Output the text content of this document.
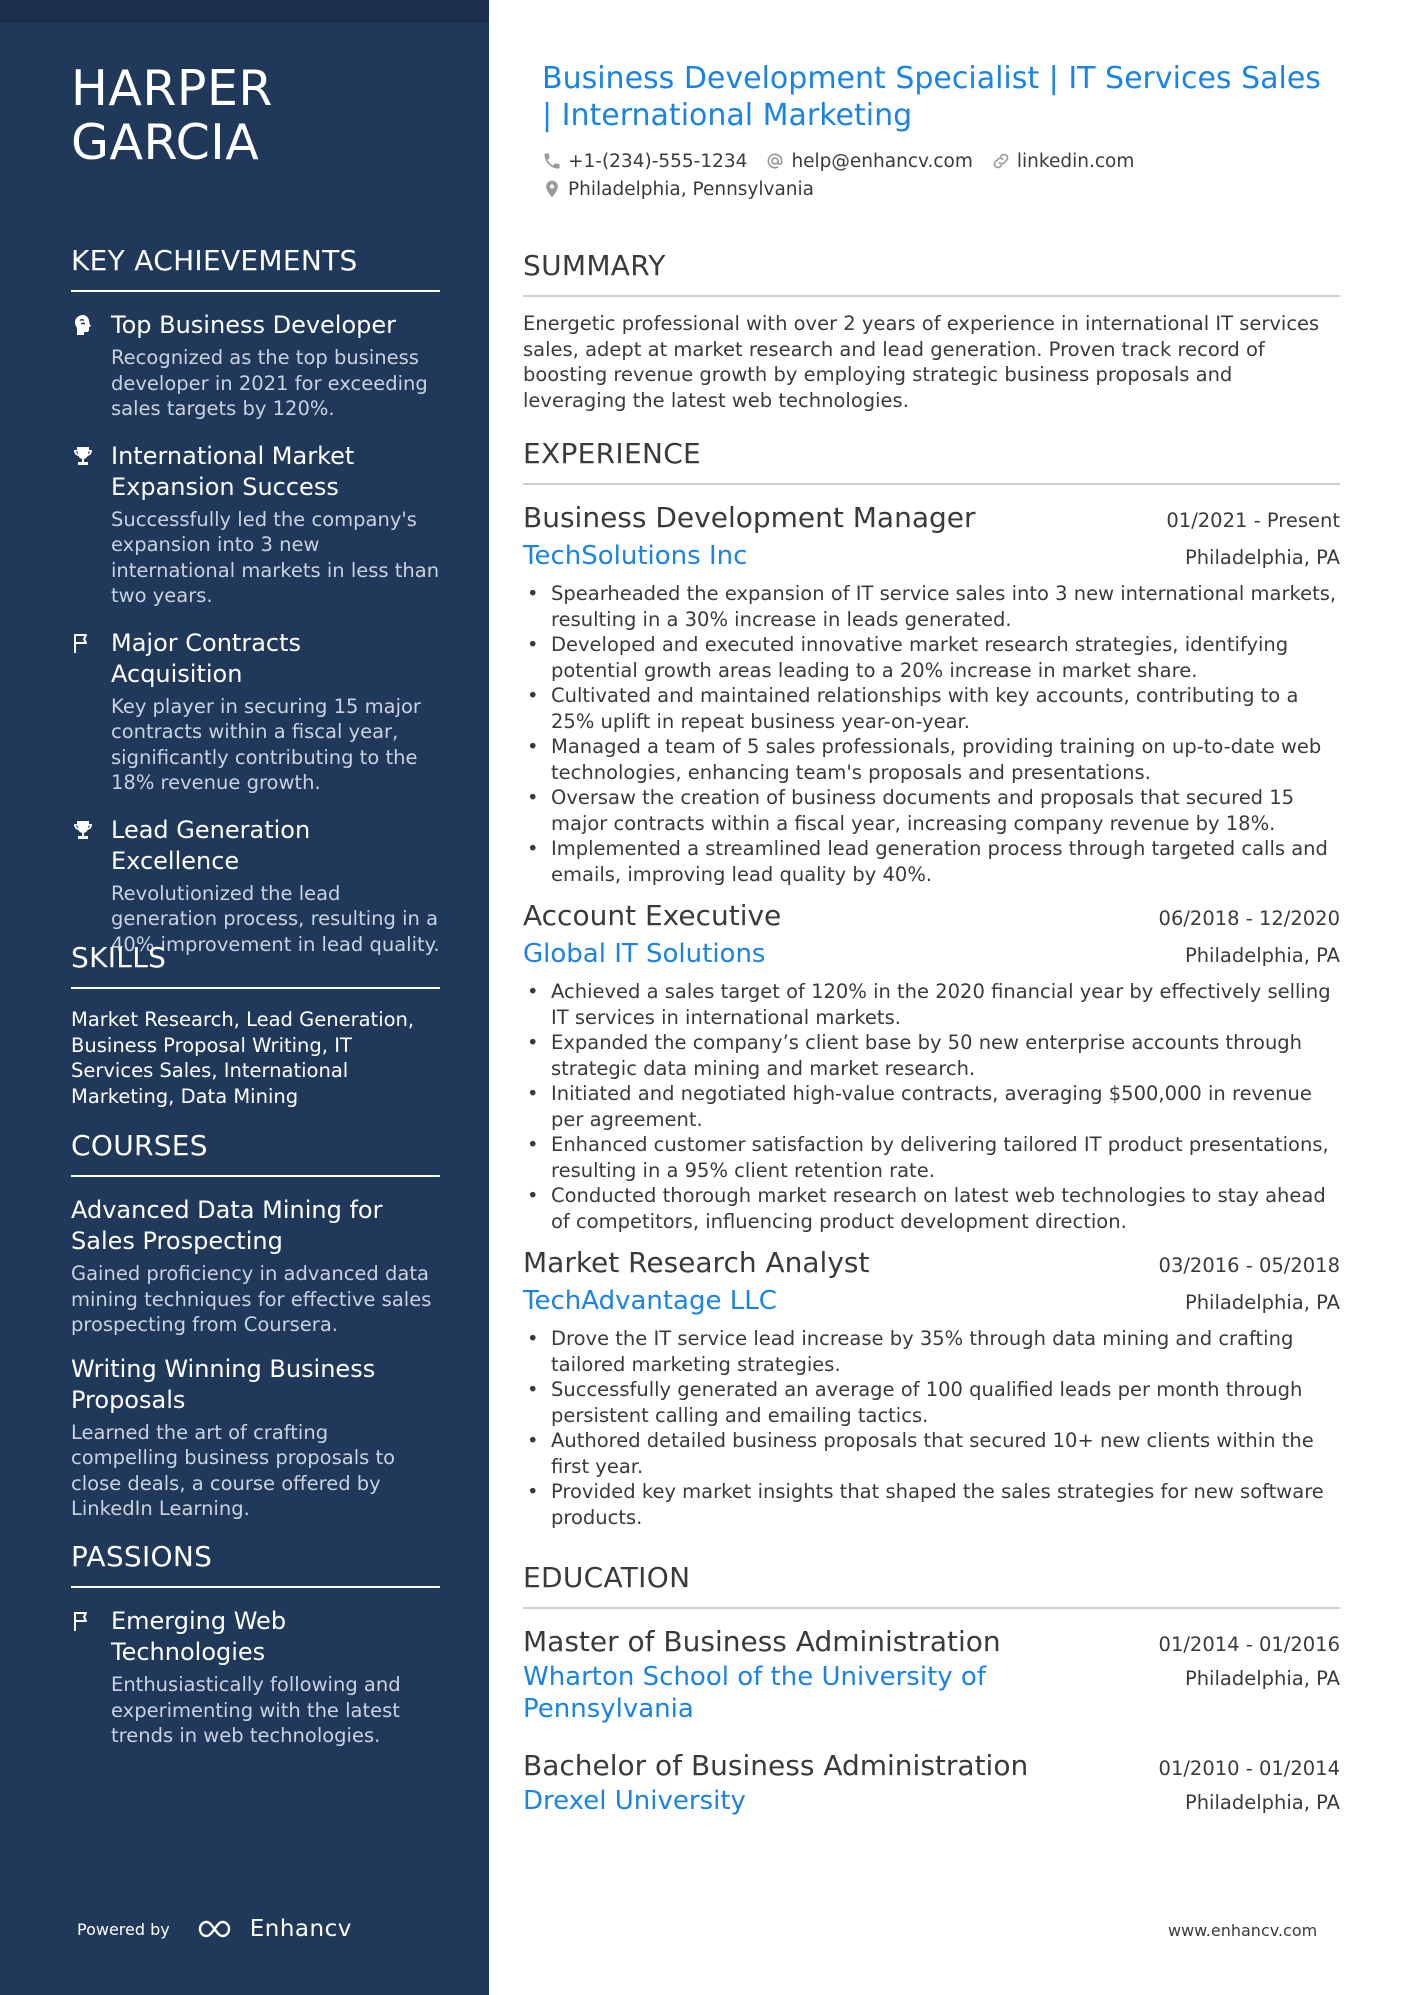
HARPER
GARCIA
KEY ACHIEVEMENTS
Top Business Developer
Recognized as the top business developer in 2021 for exceeding sales targets by 120%.
International Market Expansion Success
Successfully led the company's expansion into 3 new international markets in less than two years.
Major Contracts Acquisition
Key player in securing 15 major contracts within a fiscal year, significantly contributing to the 18% revenue growth.
Lead Generation Excellence
Revolutionized the lead generation process, resulting in a 40% improvement in lead quality.
SKILLS
Market Research, Lead Generation, Business Proposal Writing, IT Services Sales, International Marketing, Data Mining
COURSES
Advanced Data Mining for Sales Prospecting
Gained proficiency in advanced data mining techniques for effective sales prospecting from Coursera.
Writing Winning Business Proposals
Learned the art of crafting compelling business proposals to close deals, a course offered by LinkedIn Learning.
PASSIONS
Emerging Web Technologies
Enthusiastically following and experimenting with the latest trends in web technologies.
Powered by	Enhancv
Business Development Specialist | IT Services Sales | International Marketing
+1-(234)-555-1234 help@enhancv.com linkedin.com
Philadelphia, Pennsylvania
SUMMARY
Energetic professional with over 2 years of experience in international IT services sales, adept at market research and lead generation. Proven track record of boosting revenue growth by employing strategic business proposals and leveraging the latest web technologies.
EXPERIENCE
Business Development Manager	01/2021 - Present
TechSolutions Inc	Philadelphia, PA
• Spearheaded the expansion of IT service sales into 3 new international markets, resulting in a 30% increase in leads generated.
• Developed and executed innovative market research strategies, identifying potential growth areas leading to a 20% increase in market share.
• Cultivated and maintained relationships with key accounts, contributing to a 25% uplift in repeat business year-on-year.
• Managed a team of 5 sales professionals, providing training on up-to-date web technologies, enhancing team's proposals and presentations.
• Oversaw the creation of business documents and proposals that secured 15 major contracts within a fiscal year, increasing company revenue by 18%.
• Implemented a streamlined lead generation process through targeted calls and emails, improving lead quality by 40%.
Account Executive	06/2018 - 12/2020
Global IT Solutions	Philadelphia, PA
• Achieved a sales target of 120% in the 2020 financial year by effectively selling IT services in international markets.
• Expanded the company’s client base by 50 new enterprise accounts through strategic data mining and market research.
• Initiated and negotiated high-value contracts, averaging $500,000 in revenue per agreement.
• Enhanced customer satisfaction by delivering tailored IT product presentations, resulting in a 95% client retention rate.
• Conducted thorough market research on latest web technologies to stay ahead of competitors, influencing product development direction.
Market Research Analyst	03/2016 - 05/2018
TechAdvantage LLC	Philadelphia, PA
• Drove the IT service lead increase by 35% through data mining and crafting tailored marketing strategies.
• Successfully generated an average of 100 qualified leads per month through persistent calling and emailing tactics.
• Authored detailed business proposals that secured 10+ new clients within the first year.
• Provided key market insights that shaped the sales strategies for new software products.
EDUCATION
Master of Business Administration	01/2014 - 01/2016
Wharton School of the University of Pennsylvania
Philadelphia, PA
Bachelor of Business Administration	01/2010 - 01/2014
Drexel University	Philadelphia, PA
www.enhancv.com
